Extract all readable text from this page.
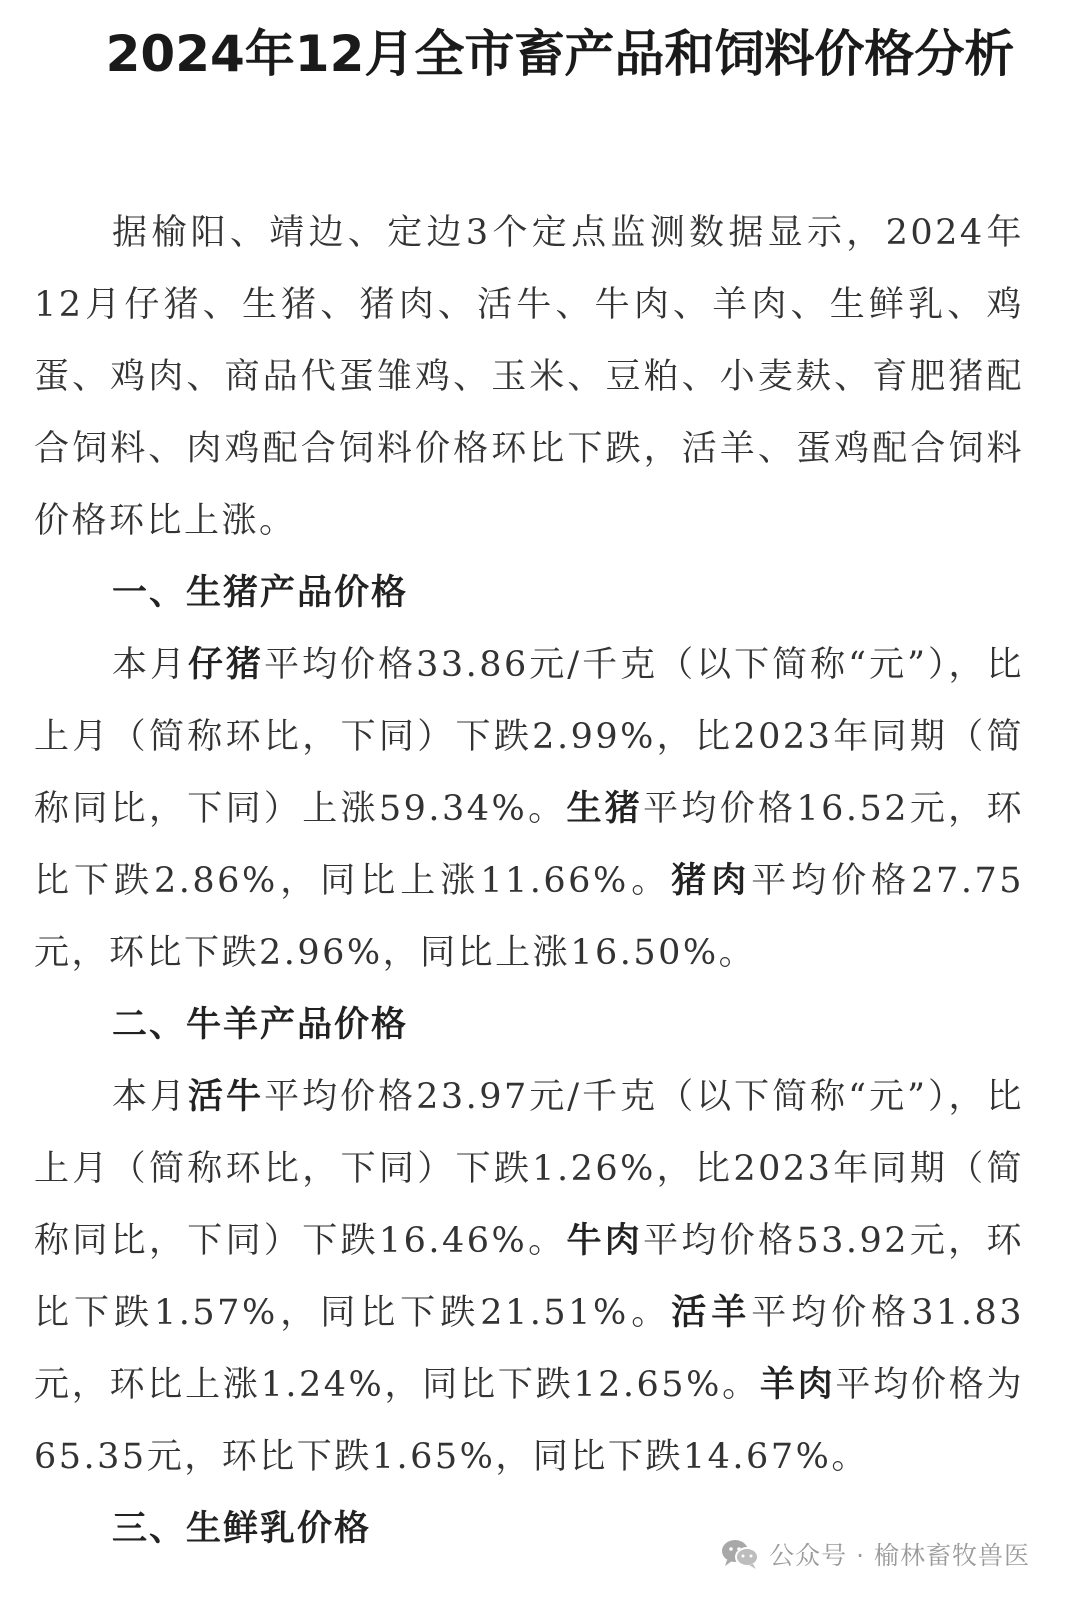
2024年12月全市畜产品和饲料价格分析

据榆阳、靖边、定边3个定点监测数据显示，2024年12月仔猪、生猪、猪肉、活牛、牛肉、羊肉、生鲜乳、鸡蛋、鸡肉、商品代蛋雏鸡、玉米、豆粕、小麦麸、育肥猪配合饲料、肉鸡配合饲料价格环比下跌，活羊、蛋鸡配合饲料价格环比上涨。

一、生猪产品价格

本月仔猪平均价格33.86元/千克（以下简称“元”），比上月（简称环比，下同）下跌2.99%，比2023年同期（简称同比，下同）上涨59.34%。生猪平均价格16.52元，环比下跌2.86%，同比上涨11.66%。猪肉平均价格27.75元，环比下跌2.96%，同比上涨16.50%。

二、牛羊产品价格

本月活牛平均价格23.97元/千克（以下简称“元”），比上月（简称环比，下同）下跌1.26%，比2023年同期（简称同比，下同）下跌16.46%。牛肉平均价格53.92元，环比下跌1.57%，同比下跌21.51%。活羊平均价格31.83元，环比上涨1.24%，同比下跌12.65%。羊肉平均价格为65.35元，环比下跌1.65%，同比下跌14.67%。

三、生鲜乳价格

公众号 · 榆林畜牧兽医
